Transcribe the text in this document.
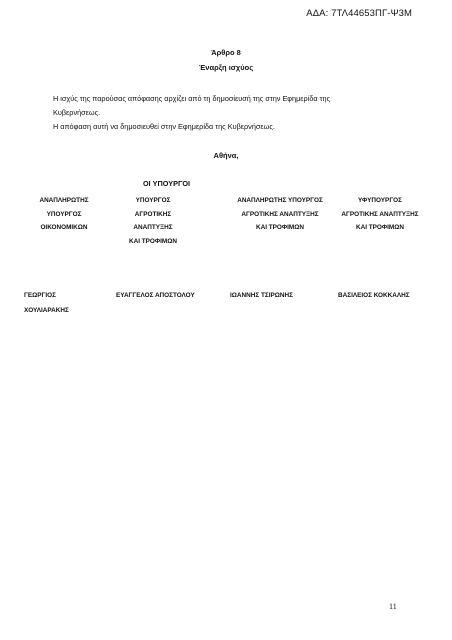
ΑΔΑ: 7ΤΛ44653ΠΓ-Ψ3Μ
Άρθρο 8
Έναρξη ισχύος

Η ισχύς της παρούσας απόφασης αρχίζει από τη δημοσίευσή της στην Εφημερίδα της

Κυβερνήσεως.

Η απόφαση αυτή να δημοσιευθεί στην Εφημερίδα της Κυβερνήσεως.

Αθήνα,
ΟΙ ΥΠΟΥΡΓΟΙ
ΑΝΑΠΛΗΡΩΤΗΣ
ΥΠΟΥΡΓΟΣ
ΟΙΚΟΝΟΜΙΚΩΝ
ΥΠΟΥΡΓΟΣ
ΑΓΡΟΤΙΚΗΣ
ΑΝΑΠΤΥΞΗΣ
ΚΑΙ ΤΡΟΦΙΜΩΝ
ΑΝΑΠΛΗΡΩΤΗΣ ΥΠΟΥΡΓΟΣ
ΑΓΡΟΤΙΚΗΣ ΑΝΑΠΤΥΞΗΣ
ΚΑΙ ΤΡΟΦΙΜΩΝ
ΥΦΥΠΟΥΡΓΟΣ
ΑΓΡΟΤΙΚΗΣ ΑΝΑΠΤΥΞΗΣ
ΚΑΙ ΤΡΟΦΙΜΩΝ
ΓΕΩΡΓΙΟΣ
ΧΟΥΛΙΑΡΑΚΗΣ
ΕΥΑΓΓΕΛΟΣ ΑΠΟΣΤΟΛΟΥ	ΙΩΑΝΝΗΣ ΤΣΙΡΩΝΗΣ	ΒΑΣΙΛΕΙΟΣ ΚΟΚΚΑΛΗΣ
11
